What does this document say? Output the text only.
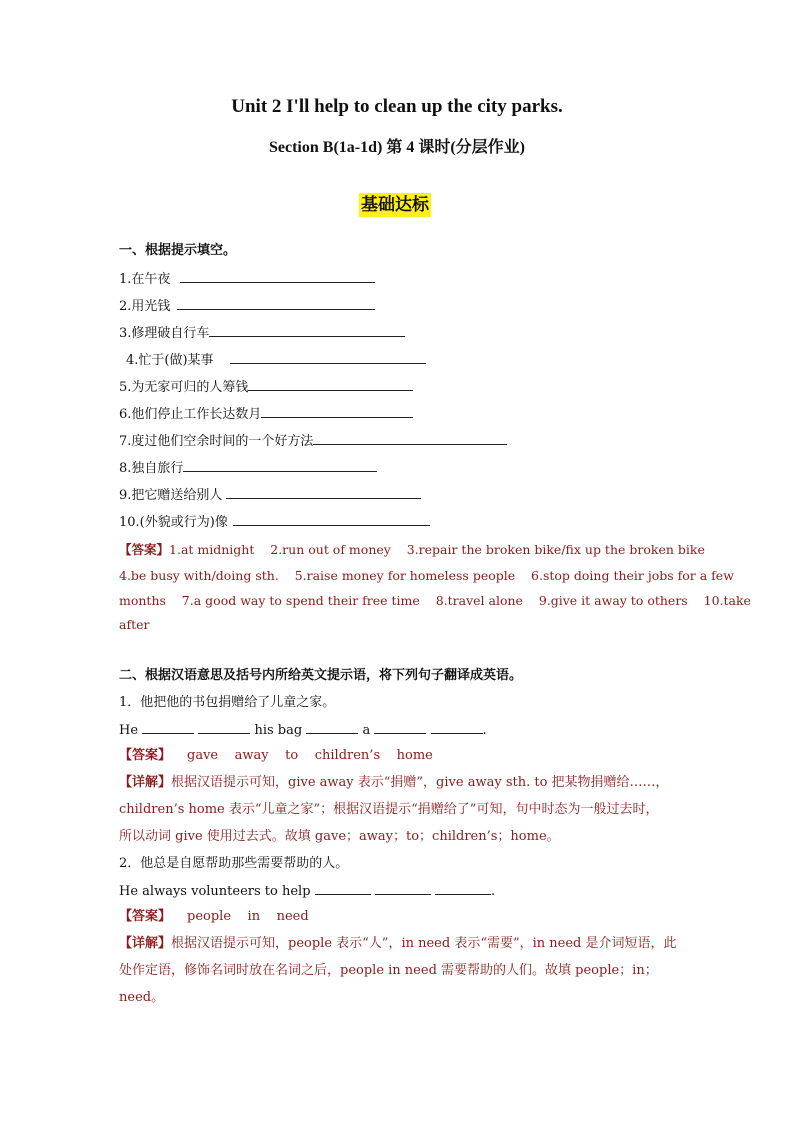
Unit 2 I'll help to clean up the city parks.
Section B(1a-1d) 第 4 课时(分层作业)
基础达标
一、根据提示填空。
1.在午夜
2.用光钱
3.修理破自行车
4.忙于(做)某事
5.为无家可归的人筹钱
6.他们停止工作长达数月
7.度过他们空余时间的一个好方法
8.独自旅行
9.把它赠送给别人
10.(外貌或行为)像
【答案】1.at midnight    2.run out of money    3.repair the broken bike/fix up the broken bike
4.be busy with/doing sth.    5.raise money for homeless people    6.stop doing their jobs for a few
months    7.a good way to spend their free time    8.travel alone    9.give it away to others    10.take
after
二、根据汉语意思及括号内所给英文提示语，将下列句子翻译成英语。
1．他把他的书包捐赠给了儿童之家。
He	his bag	a	.
【答案】 gave    away    to    children’s    home
【详解】根据汉语提示可知，give away 表示“捐赠”，give away sth. to 把某物捐赠给……，
children’s home 表示“儿童之家”；根据汉语提示“捐赠给了”可知，句中时态为一般过去时，
所以动词 give 使用过去式。故填 gave；away；to；children’s；home。
2．他总是自愿帮助那些需要帮助的人。
He always volunteers to help	.
【答案】 people    in    need
【详解】根据汉语提示可知，people 表示“人”，in need 表示“需要”，in need 是介词短语，此
处作定语，修饰名词时放在名词之后，people in need 需要帮助的人们。故填 people；in；
need。
